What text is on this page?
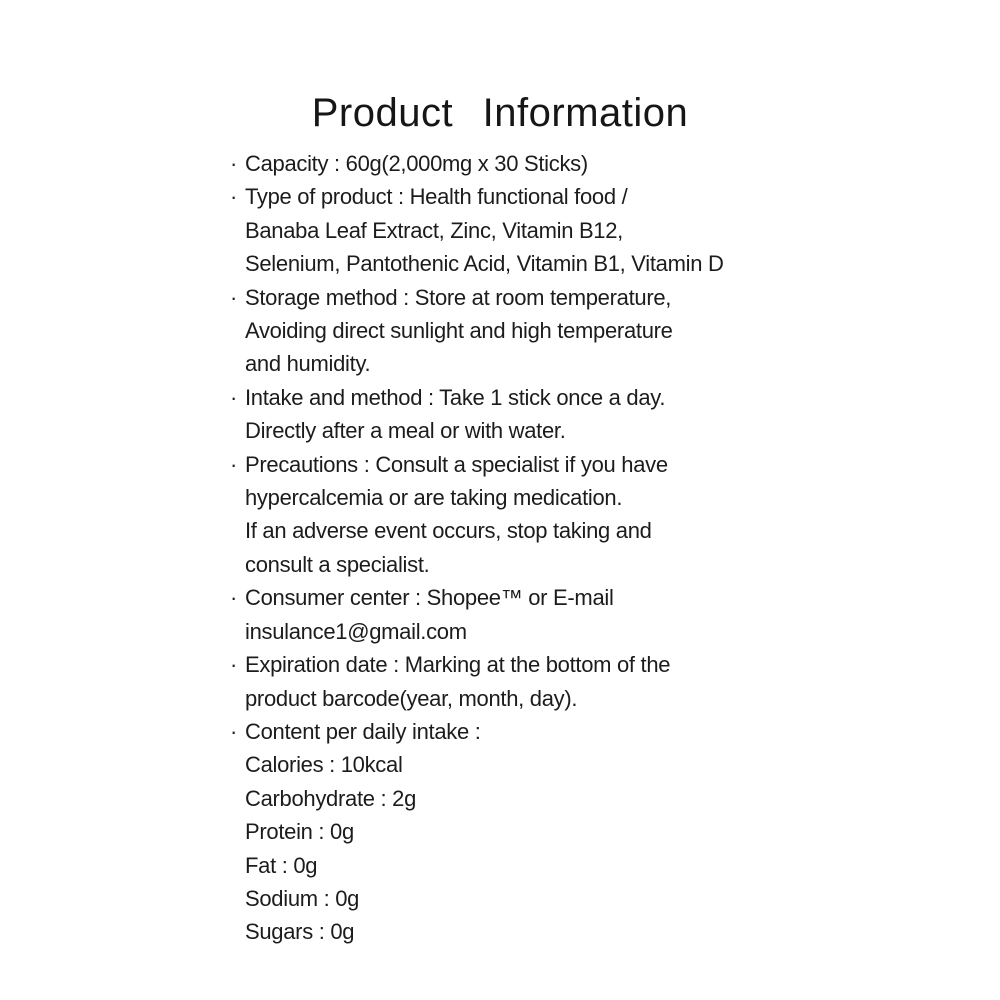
Product Information
· Capacity : 60g(2,000mg x 30 Sticks)
· Type of product : Health functional food /
Banaba Leaf Extract, Zinc, Vitamin B12,
Selenium, Pantothenic Acid, Vitamin B1, Vitamin D
· Storage method : Store at room temperature,
Avoiding direct sunlight and high temperature
and humidity.
· Intake and method : Take 1 stick once a day.
Directly after a meal or with water.
· Precautions : Consult a specialist if you have
hypercalcemia or are taking medication.
If an adverse event occurs, stop taking and
consult a specialist.
· Consumer center : Shopee™ or E-mail
insulance1@gmail.com
· Expiration date : Marking at the bottom of the
product barcode(year, month, day).
· Content per daily intake :
Calories : 10kcal
Carbohydrate : 2g
Protein : 0g
Fat : 0g
Sodium : 0g
Sugars : 0g
